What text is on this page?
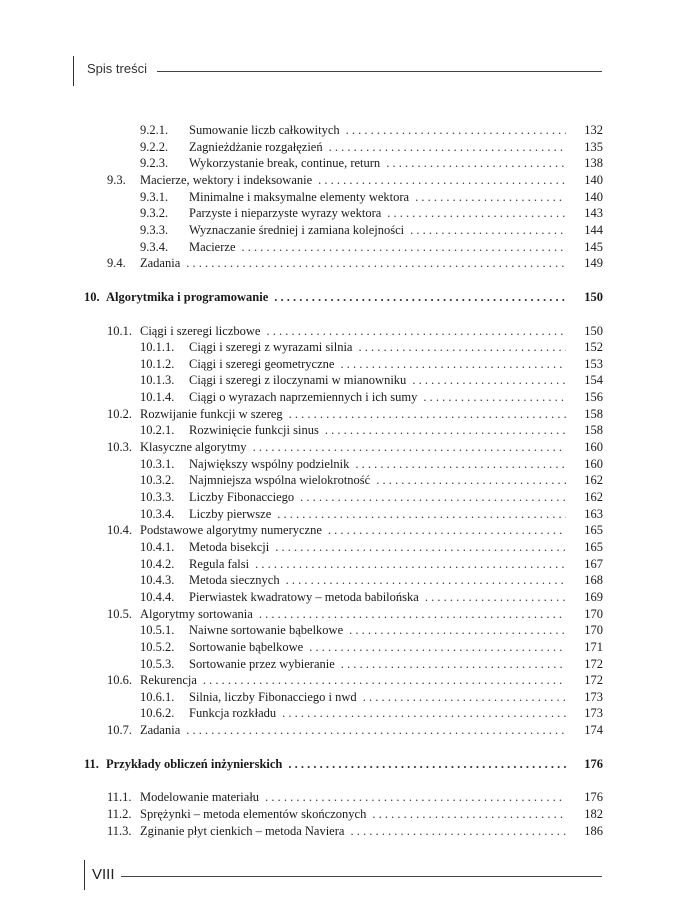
Spis treści
9.2.1. Sumowanie liczb całkowitych . . .	132
9.2.2. Zagnieżdżanie rozgałęzień . . .	135
9.2.3. Wykorzystanie break, continue, return . . .	138
9.3. Macierze, wektory i indeksowanie . . .	140
9.3.1. Minimalne i maksymalne elementy wektora . . .	140
9.3.2. Parzyste i nieparzyste wyrazy wektora . . .	143
9.3.3. Wyznaczanie średniej i zamiana kolejności . . .	144
9.3.4. Macierze . . .	145
9.4. Zadania . . .	149
10. Algorytmika i programowanie . . .	150
10.1. Ciągi i szeregi liczbowe . . .	150
10.1.1. Ciągi i szeregi z wyrazami silnia . . .	152
10.1.2. Ciągi i szeregi geometryczne . . .	153
10.1.3. Ciągi i szeregi z iloczynami w mianowniku . . .	154
10.1.4. Ciągi o wyrazach naprzemiennych i ich sumy . . .	156
10.2. Rozwijanie funkcji w szereg . . .	158
10.2.1. Rozwinięcie funkcji sinus . . .	158
10.3. Klasyczne algorytmy . . .	160
10.3.1. Największy wspólny podzielnik . . .	160
10.3.2. Najmniejsza wspólna wielokrotność . . .	162
10.3.3. Liczby Fibonacciego . . .	162
10.3.4. Liczby pierwsze . . .	163
10.4. Podstawowe algorytmy numeryczne . . .	165
10.4.1. Metoda bisekcji . . .	165
10.4.2. Regula falsi . . .	167
10.4.3. Metoda siecznych . . .	168
10.4.4. Pierwiastek kwadratowy – metoda babilońska . . .	169
10.5. Algorytmy sortowania . . .	170
10.5.1. Naiwne sortowanie bąbelkowe . . .	170
10.5.2. Sortowanie bąbelkowe . . .	171
10.5.3. Sortowanie przez wybieranie . . .	172
10.6. Rekurencja . . .	172
10.6.1. Silnia, liczby Fibonacciego i nwd . . .	173
10.6.2. Funkcja rozkładu . . .	173
10.7. Zadania . . .	174
11. Przykłady obliczeń inżynierskich . . .	176
11.1. Modelowanie materiału . . .	176
11.2. Sprężynki – metoda elementów skończonych . . .	182
11.3. Zginanie płyt cienkich – metoda Naviera . . .	186
VIII
